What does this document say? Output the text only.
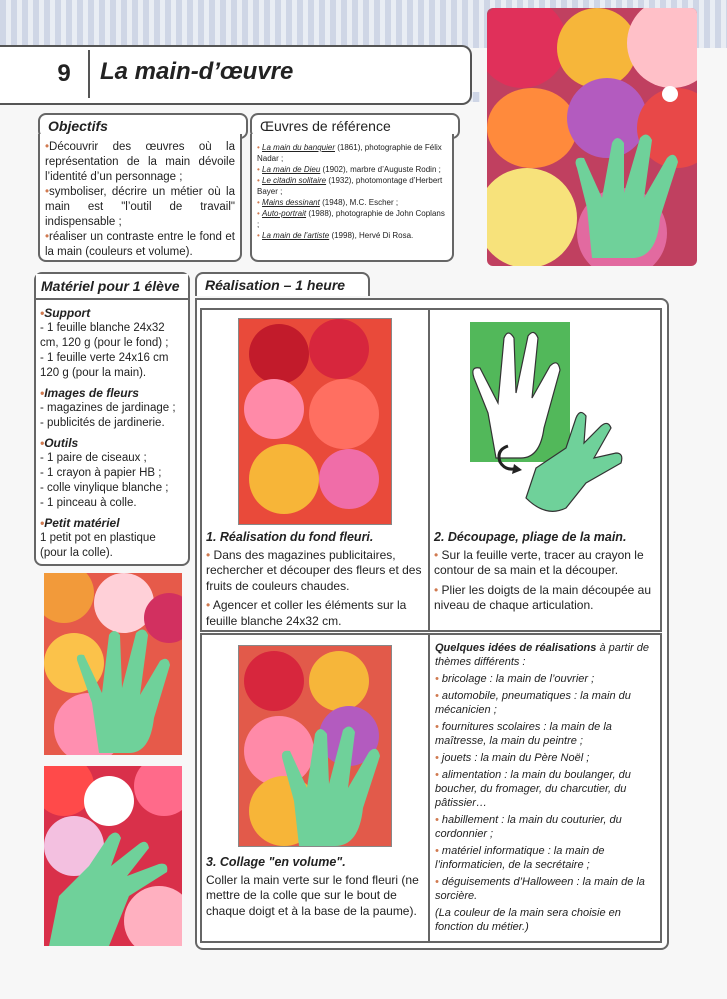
9	La main-d’œuvre
Objectifs

•Découvrir des œuvres où la représentation de la main dévoile l’identité d’un personnage ;

•symboliser, décrire un métier où la main est "l’outil de travail" indispensable ;

•réaliser un contraste entre le fond et la main (couleurs et volume).

Œuvres de référence

• La main du banquier (1861), photographie de Félix Nadar ;

• La main de Dieu (1902), marbre d’Auguste Rodin ;

• Le citadin solitaire (1932), photomontage d’Herbert Bayer ;

• Mains dessinant (1948), M.C. Escher ;

• Auto-portrait (1988), photographie de John Coplans ;

• La main de l’artiste (1998), Hervé Di Rosa.

Matériel pour 1 élève

•Support

- 1 feuille blanche 24x32 cm, 120 g (pour le fond) ;

- 1 feuille verte 24x16 cm 120 g (pour la main).

•Images de fleurs

- magazines de jardinage ;

- publicités de jardinerie.

•Outils

- 1 paire de ciseaux ;

- 1 crayon à papier HB ;

- colle vinylique blanche ;

- 1 pinceau à colle.

•Petit matériel

1 petit pot en plastique (pour la colle).

Réalisation – 1 heure

1. Réalisation du fond fleuri.

• Dans des magazines publicitaires, rechercher et découper des fleurs et des fruits de couleurs chaudes.

• Agencer et coller les éléments sur la feuille blanche 24x32 cm.

2. Découpage, pliage de la main.

• Sur la feuille verte, tracer au crayon le contour de sa main et la découper.

• Plier les doigts de la main découpée au niveau de chaque articulation.

3. Collage "en volume".

Coller la main verte sur le fond fleuri (ne mettre de la colle que sur le bout de chaque doigt et à la base de la paume).

Quelques idées de réalisations à partir de thèmes différents :

• bricolage : la main de l’ouvrier ;

• automobile, pneumatiques : la main du mécanicien ;

• fournitures scolaires : la main de la maîtresse, la main du peintre ;

• jouets : la main du Père Noël ;

• alimentation : la main du boulanger, du boucher, du fromager, du charcutier, du pâtissier…

• habillement : la main du couturier, du cordonnier ;

• matériel informatique : la main de l’informaticien, de la secrétaire ;

• déguisements d’Halloween : la main de la sorcière.

(La couleur de la main sera choisie en fonction du métier.)
